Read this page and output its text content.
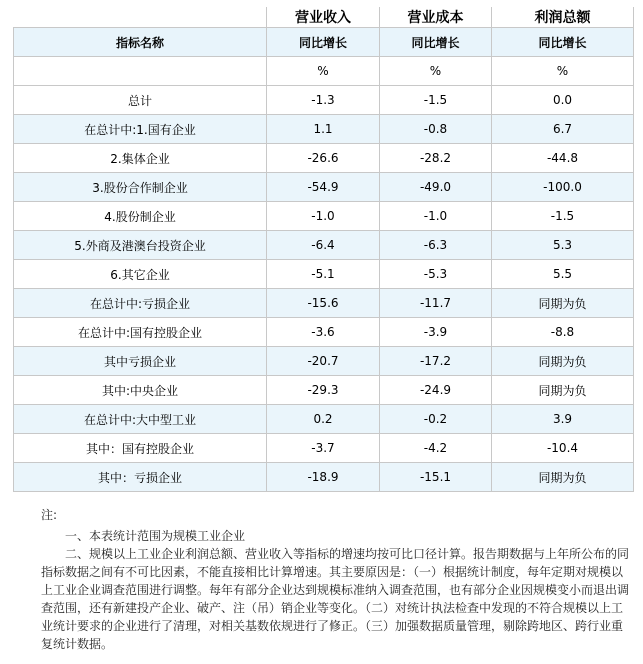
	营业收入	营业成本	利润总额
指标名称	同比增长	同比增长	同比增长
	%	%	%
总计	-1.3	-1.5	0.0
在总计中:1.国有企业	1.1	-0.8	6.7
2.集体企业	-26.6	-28.2	-44.8
3.股份合作制企业	-54.9	-49.0	-100.0
4.股份制企业	-1.0	-1.0	-1.5
5.外商及港澳台投资企业	-6.4	-6.3	5.3
6.其它企业	-5.1	-5.3	5.5
在总计中:亏损企业	-15.6	-11.7	同期为负
在总计中:国有控股企业	-3.6	-3.9	-8.8
其中亏损企业	-20.7	-17.2	同期为负
其中:中央企业	-29.3	-24.9	同期为负
在总计中:大中型工业	0.2	-0.2	3.9
其中：国有控股企业	-3.7	-4.2	-10.4
其中：亏损企业	-18.9	-15.1	同期为负
注:

一、本表统计范围为规模工业企业

二、规模以上工业企业利润总额、营业收入等指标的增速均按可比口径计算。报告期数据与上年所公布的同指标数据之间有不可比因素，不能直接相比计算增速。其主要原因是：（一）根据统计制度，每年定期对规模以上工业企业调查范围进行调整。每年有部分企业达到规模标准纳入调查范围，也有部分企业因规模变小而退出调查范围，还有新建投产企业、破产、注（吊）销企业等变化。（二）对统计执法检查中发现的不符合规模以上工业统计要求的企业进行了清理，对相关基数依规进行了修正。（三）加强数据质量管理，剔除跨地区、跨行业重复统计数据。
